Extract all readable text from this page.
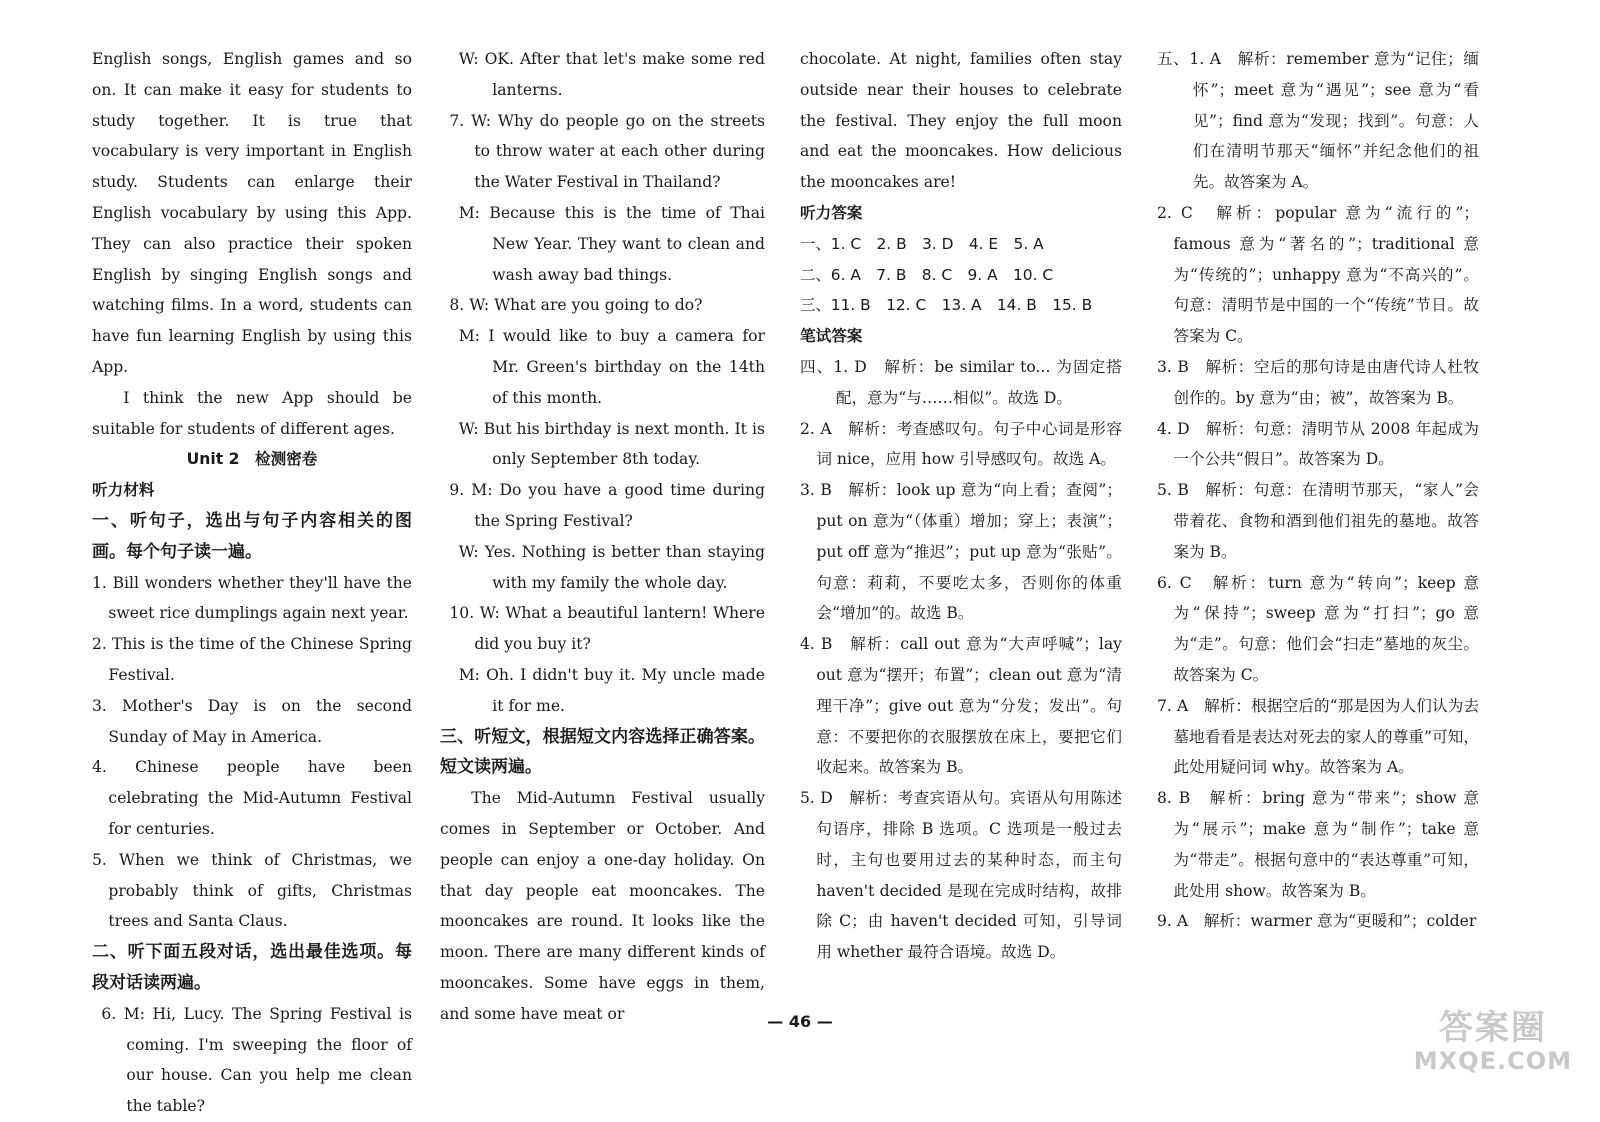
English songs, English games and so on. It can make it easy for students to study together. It is true that vocabulary is very important in English study. Students can enlarge their English vocabulary by using this App. They can also practice their spoken English by singing English songs and watching films. In a word, students can have fun learning English by using this App.

I think the new App should be suitable for students of different ages.

Unit 2　检测密卷

听力材料

一、听句子，选出与句子内容相关的图画。每个句子读一遍。

1. Bill wonders whether they'll have the sweet rice dumplings again next year.

2. This is the time of the Chinese Spring Festival.

3. Mother's Day is on the second Sunday of May in America.

4. Chinese people have been celebrating the Mid-Autumn Festival for centuries.

5. When we think of Christmas, we probably think of gifts, Christmas trees and Santa Claus.

二、听下面五段对话，选出最佳选项。每段对话读两遍。

6. M: Hi, Lucy. The Spring Festival is coming. I'm sweeping the floor of our house. Can you help me clean the table?

W: OK. After that let's make some red lanterns.

7. W: Why do people go on the streets to throw water at each other during the Water Festival in Thailand?

M: Because this is the time of Thai New Year. They want to clean and wash away bad things.

8. W: What are you going to do?

M: I would like to buy a camera for Mr. Green's birthday on the 14th of this month.

W: But his birthday is next month. It is only September 8th today.

9. M: Do you have a good time during the Spring Festival?

W: Yes. Nothing is better than staying with my family the whole day.

10. W: What a beautiful lantern! Where did you buy it?

M: Oh. I didn't buy it. My uncle made it for me.

三、听短文，根据短文内容选择正确答案。短文读两遍。

The Mid-Autumn Festival usually comes in September or October. And people can enjoy a one-day holiday. On that day people eat mooncakes. The mooncakes are round. It looks like the moon. There are many different kinds of mooncakes. Some have eggs in them, and some have meat or

chocolate. At night, families often stay outside near their houses to celebrate the festival. They enjoy the full moon and eat the mooncakes. How delicious the mooncakes are!

听力答案

一、1. C　2. B　3. D　4. E　5. A

二、6. A　7. B　8. C　9. A　10. C

三、11. B　12. C　13. A　14. B　15. B

笔试答案

四、1. D　解析：be similar to... 为固定搭配，意为“与……相似”。故选 D。

2. A　解析：考查感叹句。句子中心词是形容词 nice，应用 how 引导感叹句。故选 A。

3. B　解析：look up 意为“向上看；查阅”；put on 意为“（体重）增加；穿上；表演”；put off 意为“推迟”；put up 意为“张贴”。句意：莉莉，不要吃太多，否则你的体重会“增加”的。故选 B。

4. B　解析：call out 意为“大声呼喊”；lay out 意为“摆开；布置”；clean out 意为“清理干净”；give out 意为“分发；发出”。句意：不要把你的衣服摆放在床上，要把它们收起来。故答案为 B。

5. D　解析：考查宾语从句。宾语从句用陈述句语序，排除 B 选项。C 选项是一般过去时，主句也要用过去的某种时态，而主句 haven't decided 是现在完成时结构，故排除 C；由 haven't decided 可知，引导词用 whether 最符合语境。故选 D。

五、1. A　解析：remember 意为“记住；缅怀”；meet 意为“遇见”；see 意为“看见”；find 意为“发现；找到”。句意：人们在清明节那天“缅怀”并纪念他们的祖先。故答案为 A。

2. C　解析：popular 意为“流行的”；famous 意为“著名的”；traditional 意为“传统的”；unhappy 意为“不高兴的”。句意：清明节是中国的一个“传统”节日。故答案为 C。

3. B　解析：空后的那句诗是由唐代诗人杜牧创作的。by 意为“由；被”，故答案为 B。

4. D　解析：句意：清明节从 2008 年起成为一个公共“假日”。故答案为 D。

5. B　解析：句意：在清明节那天，“家人”会带着花、食物和酒到他们祖先的墓地。故答案为 B。

6. C　解析：turn 意为“转向”；keep 意为“保持”；sweep 意为“打扫”；go 意为“走”。句意：他们会“扫走”墓地的灰尘。故答案为 C。

7. A　解析：根据空后的“那是因为人们认为去墓地看看是表达对死去的家人的尊重”可知，此处用疑问词 why。故答案为 A。

8. B　解析：bring 意为“带来”；show 意为“展示”；make 意为“制作”；take 意为“带走”。根据句意中的“表达尊重”可知，此处用 show。故答案为 B。

9. A　解析：warmer 意为“更暖和”；colder

— 46 —	答案圈
MXQE.COM
